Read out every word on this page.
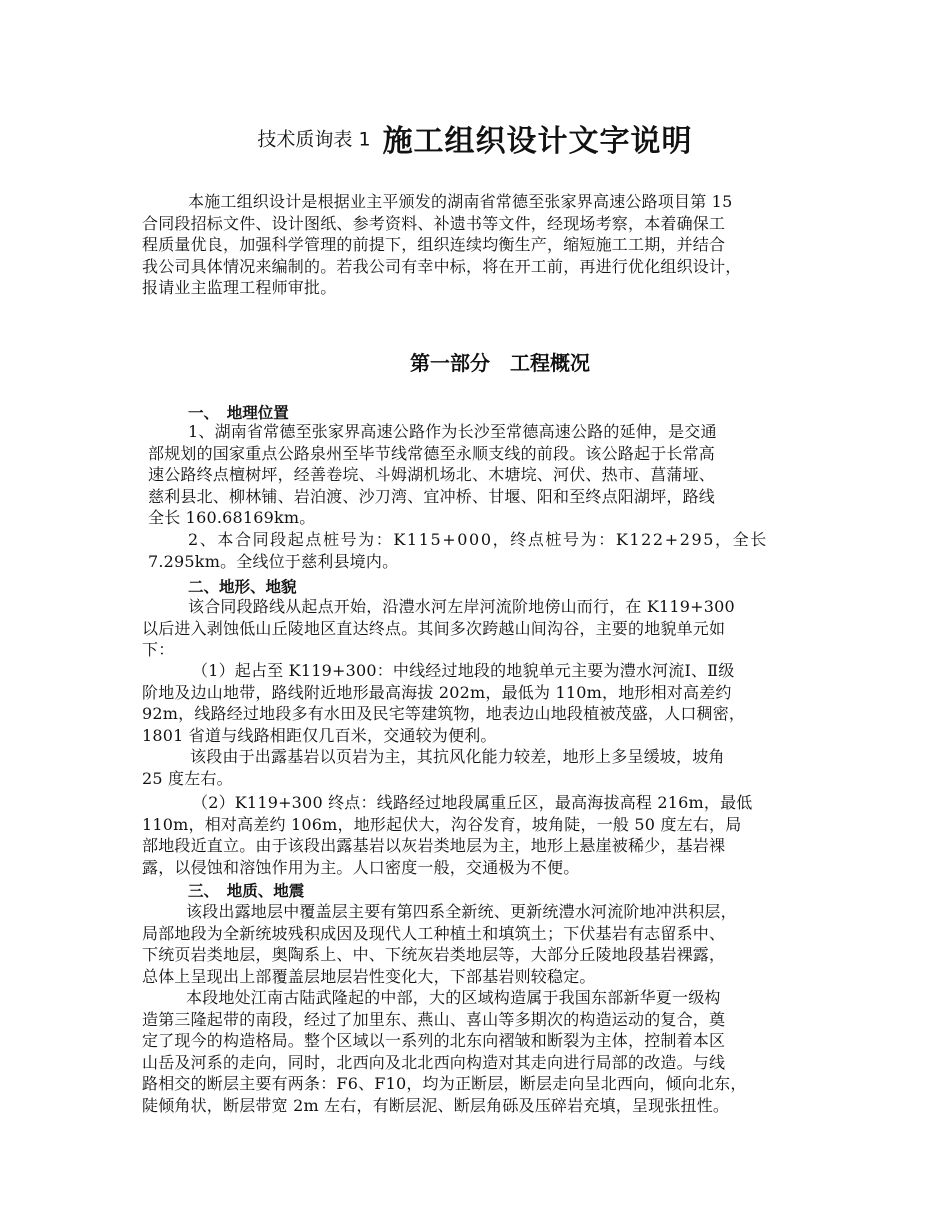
技术质询表 1 施工组织设计文字说明
本施工组织设计是根据业主平颁发的湖南省常德至张家界高速公路项目第 15
合同段招标文件、设计图纸、参考资料、补遗书等文件，经现场考察，本着确保工
程质量优良，加强科学管理的前提下，组织连续均衡生产，缩短施工工期，并结合
我公司具体情况来编制的。若我公司有幸中标，将在开工前，再进行优化组织设计，
报请业主监理工程师审批。
第一部分　工程概况
一、　地理位置
1、湖南省常德至张家界高速公路作为长沙至常德高速公路的延伸，是交通
部规划的国家重点公路泉州至毕节线常德至永顺支线的前段。该公路起于长常高
速公路终点檀树坪，经善卷垸、斗姆湖机场北、木塘垸、河伏、热市、菖蒲垭、
慈利县北、柳林铺、岩泊渡、沙刀湾、宜冲桥、甘堰、阳和至终点阳湖坪，路线
全长 160.68169km。
2、本合同段起点桩号为：K115+000，终点桩号为：K122+295，全长
7.295km。全线位于慈利县境内。
二、地形、地貌
该合同段路线从起点开始，沿澧水河左岸河流阶地傍山而行，在 K119+300
以后进入剥蚀低山丘陵地区直达终点。其间多次跨越山间沟谷，主要的地貌单元如
下：
（1）起占至 K119+300：中线经过地段的地貌单元主要为澧水河流Ⅰ、Ⅱ级
阶地及边山地带，路线附近地形最高海拔 202m，最低为 110m，地形相对高差约
92m，线路经过地段多有水田及民宅等建筑物，地表边山地段植被茂盛，人口稠密，
1801 省道与线路相距仅几百米，交通较为便利。
该段由于出露基岩以页岩为主，其抗风化能力较差，地形上多呈缓坡，坡角
25 度左右。
（2）K119+300 终点：线路经过地段属重丘区，最高海拔高程 216m，最低
110m，相对高差约 106m，地形起伏大，沟谷发育，坡角陡，一般 50 度左右，局
部地段近直立。由于该段出露基岩以灰岩类地层为主，地形上悬崖被稀少，基岩裸
露，以侵蚀和溶蚀作用为主。人口密度一般，交通极为不便。
三、　地质、地震
该段出露地层中覆盖层主要有第四系全新统、更新统澧水河流阶地冲洪积层，
局部地段为全新统坡残积成因及现代人工种植土和填筑土；下伏基岩有志留系中、
下统页岩类地层，奥陶系上、中、下统灰岩类地层等，大部分丘陵地段基岩裸露，
总体上呈现出上部覆盖层地层岩性变化大，下部基岩则较稳定。
本段地处江南古陆武隆起的中部，大的区域构造属于我国东部新华夏一级构
造第三隆起带的南段，经过了加里东、燕山、喜山等多期次的构造运动的复合，奠
定了现今的构造格局。整个区域以一系列的北东向褶皱和断裂为主体，控制着本区
山岳及河系的走向，同时，北西向及北北西向构造对其走向进行局部的改造。与线
路相交的断层主要有两条：F6、F10，均为正断层，断层走向呈北西向，倾向北东，
陡倾角状，断层带宽 2m 左右，有断层泥、断层角砾及压碎岩充填，呈现张扭性。
